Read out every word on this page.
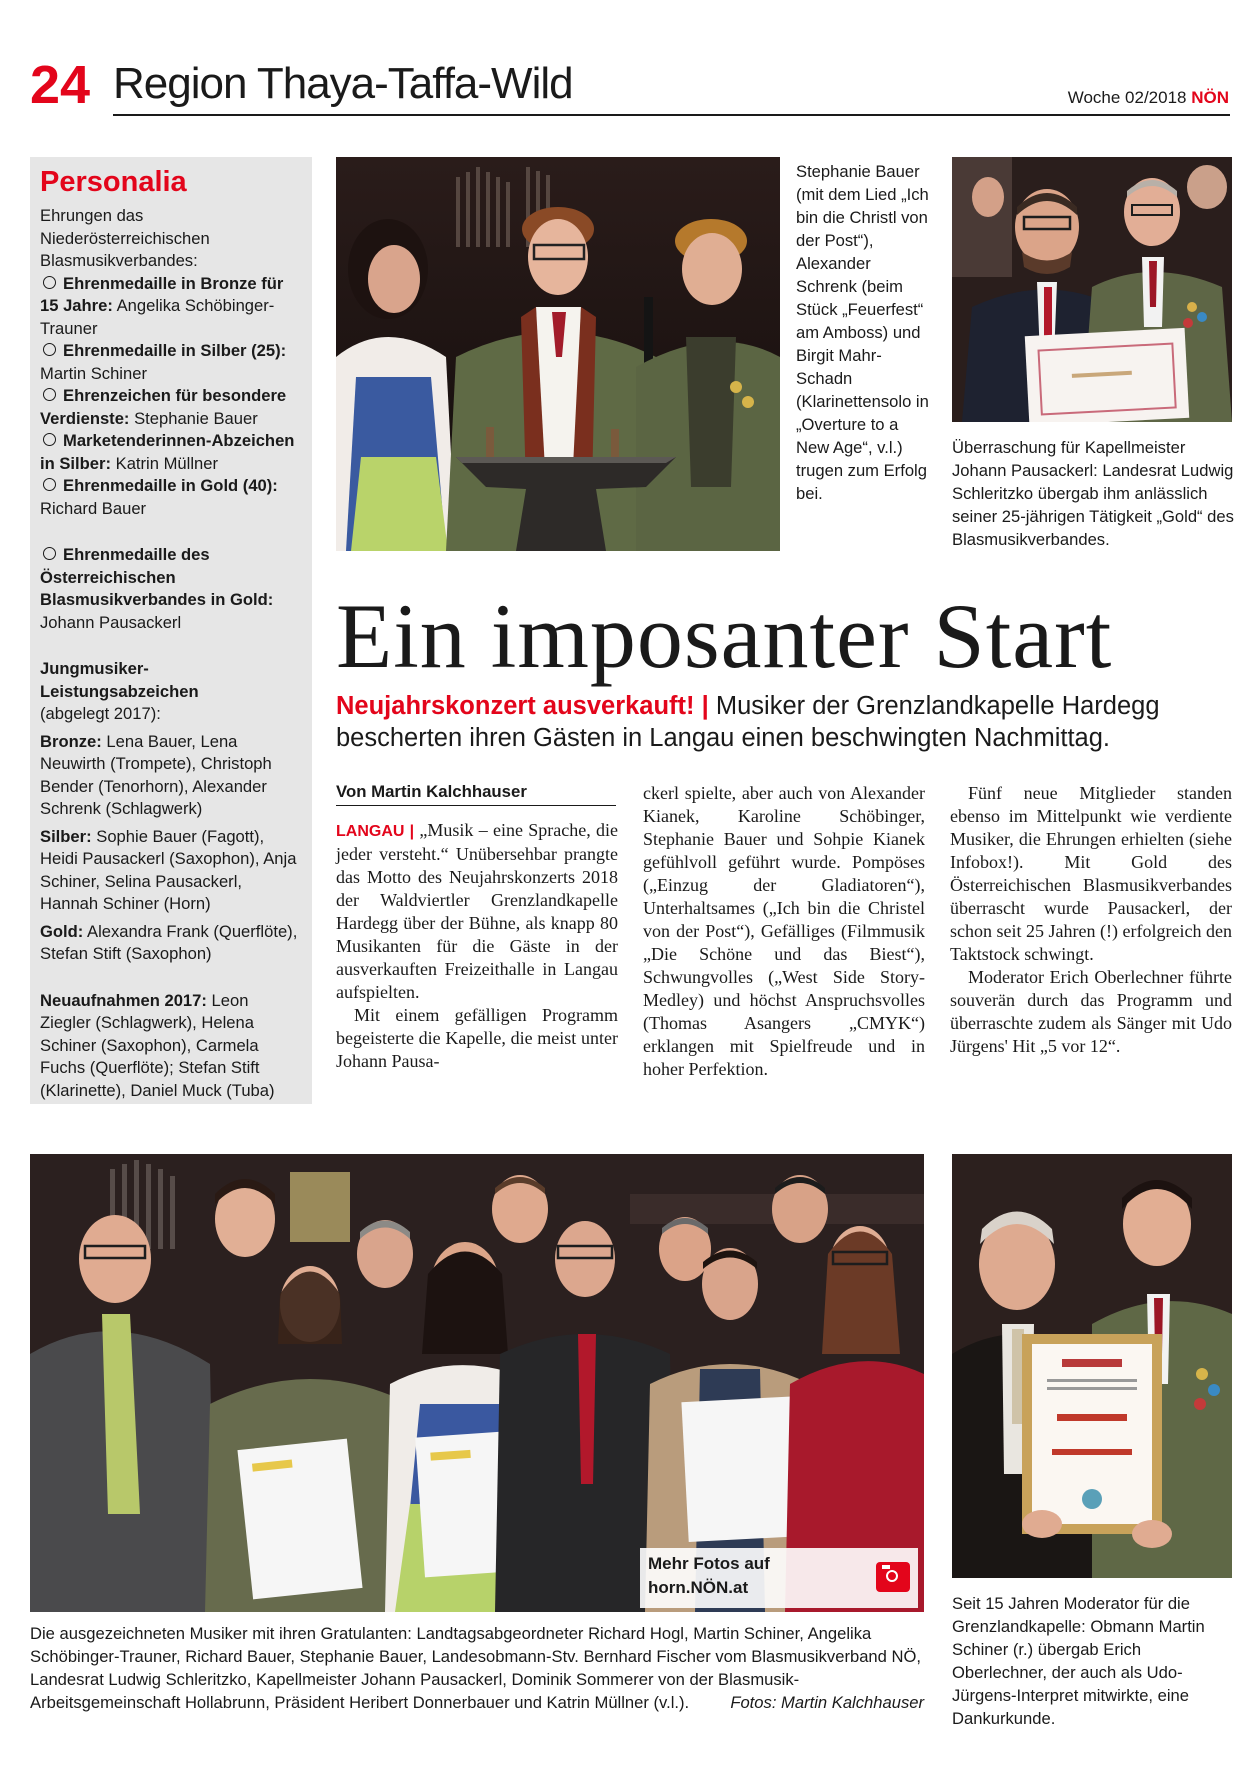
24 Region Thaya-Taffa-Wild	Woche 02/2018 NÖN
Personalia

Ehrungen das Niederösterreichischen Blasmusikverbandes:

Ehrenmedaille in Bronze für 15 Jahre: Angelika Schöbinger-Trauner

Ehrenmedaille in Silber (25): Martin Schiner

Ehrenzeichen für besondere Verdienste: Stephanie Bauer

Marketenderinnen-Abzeichen in Silber: Katrin Müllner

Ehrenmedaille in Gold (40): Richard Bauer

Ehrenmedaille des Österreichischen Blasmusikverbandes in Gold: Johann Pausackerl

Jungmusiker-Leistungsabzeichen

(abgelegt 2017):

Bronze: Lena Bauer, Lena Neuwirth (Trompete), Christoph Bender (Tenorhorn), Alexander Schrenk (Schlagwerk)

Silber: Sophie Bauer (Fagott), Heidi Pausackerl (Saxophon), Anja Schiner, Selina Pausackerl, Hannah Schiner (Horn)

Gold: Alexandra Frank (Querflöte), Stefan Stift (Saxophon)

Neuaufnahmen 2017: Leon Ziegler (Schlagwerk), Helena Schiner (Saxophon), Carmela Fuchs (Querflöte); Stefan Stift (Klarinette), Daniel Muck (Tuba)

Stephanie Bauer (mit dem Lied „Ich bin die Christl von der Post“), Alexander Schrenk (beim Stück „Feuerfest“ am Amboss) und Birgit Mahr-Schadn (Klarinettensolo in „Overture to a New Age“, v.l.) trugen zum Erfolg bei.
Überraschung für Kapellmeister Johann Pausackerl: Landesrat Ludwig Schleritzko übergab ihm anlässlich seiner 25-jährigen Tätigkeit „Gold“ des Blasmusikverbandes.
Ein imposanter Start
Neujahrskonzert ausverkauft! | Musiker der Grenzlandkapelle Hardegg bescherten ihren Gästen in Langau einen beschwingten Nachmittag.
Von Martin Kalchhauser

LANGAU | „Musik – eine Sprache, die jeder versteht.“ Unübersehbar prangte das Motto des Neujahrskonzerts 2018 der Waldviertler Grenzlandkapelle Hardegg über der Bühne, als knapp 80 Musikanten für die Gäste in der ausverkauften Freizeithalle in Langau aufspielten.

Mit einem gefälligen Programm begeisterte die Kapelle, die meist unter Johann Pausa-

ckerl spielte, aber auch von Alexander Kianek, Karoline Schöbinger, Stephanie Bauer und Sohpie Kianek gefühlvoll geführt wurde. Pompöses („Einzug der Gladiatoren“), Unterhaltsames („Ich bin die Christel von der Post“), Gefälliges (Filmmusik „Die Schöne und das Biest“), Schwungvolles („West Side Story-Medley) und höchst Anspruchsvolles (Thomas Asangers „CMYK“) erklangen mit Spielfreude und in hoher Perfektion.

Fünf neue Mitglieder standen ebenso im Mittelpunkt wie verdiente Musiker, die Ehrungen erhielten (siehe Infobox!). Mit Gold des Österreichischen Blasmusikverbandes überrascht wurde Pausackerl, der schon seit 25 Jahren (!) erfolgreich den Taktstock schwingt.

Moderator Erich Oberlechner führte souverän durch das Programm und überraschte zudem als Sänger mit Udo Jürgens' Hit „5 vor 12“.

Mehr Fotos auf
horn.NÖN.at
Die ausgezeichneten Musiker mit ihren Gratulanten: Landtagsabgeordneter Richard Hogl, Martin Schiner, Angelika Schöbinger-Trauner, Richard Bauer, Stephanie Bauer, Landesobmann-Stv. Bernhard Fischer vom Blasmusikverband NÖ, Landesrat Ludwig Schleritzko, Kapellmeister Johann Pausackerl, Dominik Sommerer von der Blasmusik-Arbeitsgemeinschaft Hollabrunn, Präsident Heribert Donnerbauer und Katrin Müllner (v.l.). Fotos: Martin Kalchhauser
Seit 15 Jahren Moderator für die Grenzlandkapelle: Obmann Martin Schiner (r.) übergab Erich Oberlechner, der auch als Udo-Jürgens-Interpret mitwirkte, eine Dankurkunde.
